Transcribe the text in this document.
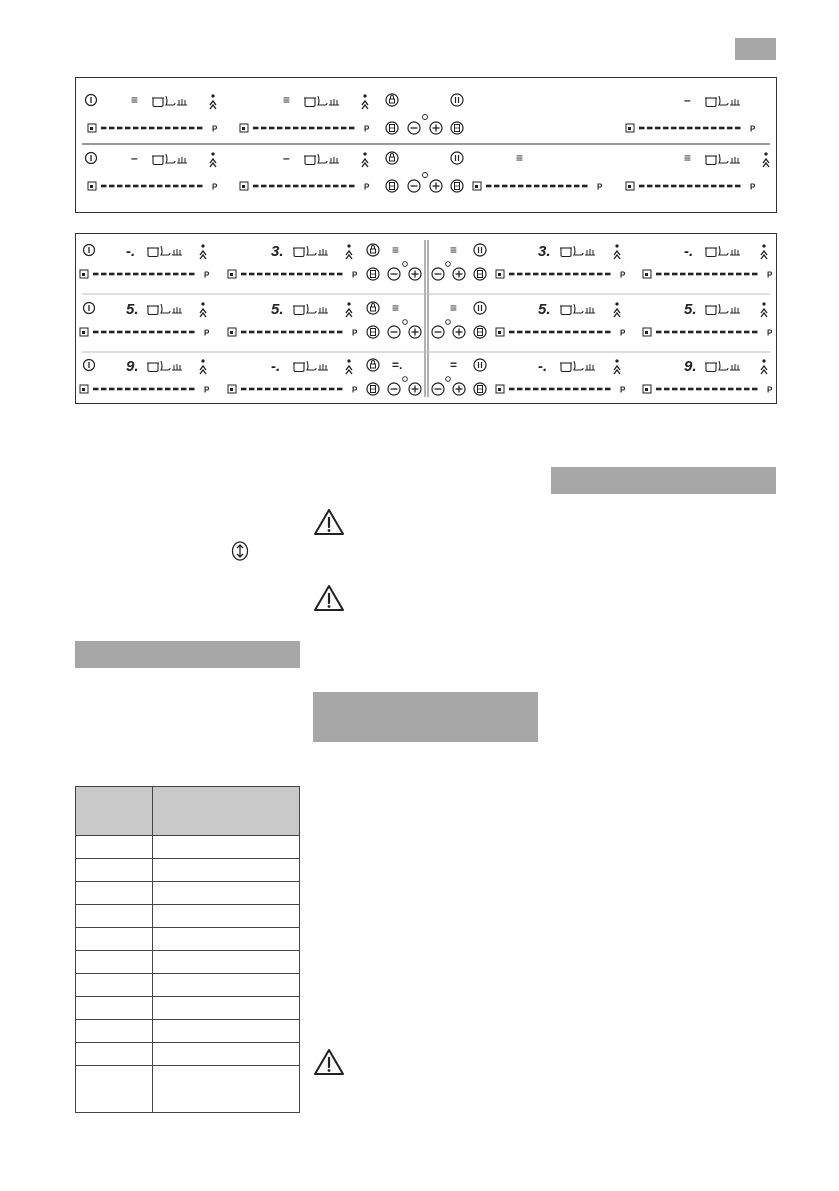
≡
P
≡
P
–
P
–
P
–
P
≡
P
≡
P
-.
P
3.
P
≡	≡	3.
P
-.
P
5.
P
5.
P
≡	≡	5.
P
5.
P
9.
P
-.
P
=.	=	-.
P
9.
P
